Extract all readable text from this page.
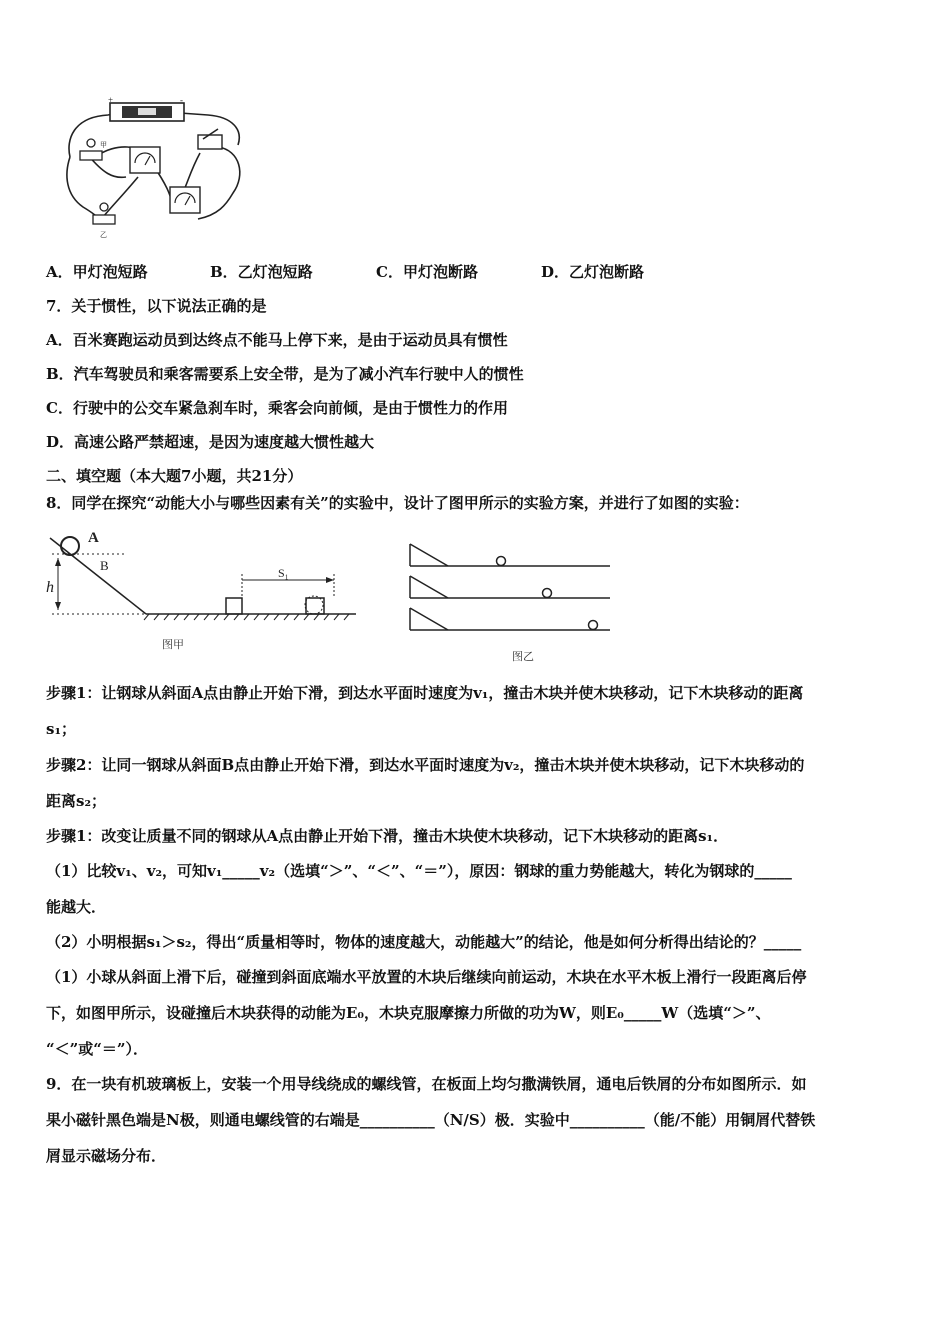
+	-
甲
乙
A．甲灯泡短路	B．乙灯泡短路	C．甲灯泡断路	D．乙灯泡断路
7．关于惯性，以下说法正确的是
A．百米赛跑运动员到达终点不能马上停下来，是由于运动员具有惯性
B．汽车驾驶员和乘客需要系上安全带，是为了减小汽车行驶中人的惯性
C．行驶中的公交车紧急刹车时，乘客会向前倾，是由于惯性力的作用
D．高速公路严禁超速，是因为速度越大惯性越大
二、填空题（本大题7小题，共21分）
8．同学在探究“动能大小与哪些因素有关”的实验中，设计了图甲所示的实验方案，并进行了如图的实验：
A
B
h
S₁
图甲
图乙
步骤1：让钢球从斜面A点由静止开始下滑，到达水平面时速度为v₁，撞击木块并使木块移动，记下木块移动的距离
s₁；
步骤2：让同一钢球从斜面B点由静止开始下滑，到达水平面时速度为v₂，撞击木块并使木块移动，记下木块移动的
距离s₂；
步骤1：改变让质量不同的钢球从A点由静止开始下滑，撞击木块使木块移动，记下木块移动的距离s₁．
（1）比较v₁、v₂，可知v₁_____v₂（选填“＞”、“＜”、“＝”），原因：钢球的重力势能越大，转化为钢球的_____
能越大．
（2）小明根据s₁＞s₂，得出“质量相等时，物体的速度越大，动能越大”的结论，他是如何分析得出结论的？_____
（1）小球从斜面上滑下后，碰撞到斜面底端水平放置的木块后继续向前运动，木块在水平木板上滑行一段距离后停
下，如图甲所示，设碰撞后木块获得的动能为E₀，木块克服摩擦力所做的功为W，则E₀_____W（选填“＞”、
“＜”或“＝”）．
9．在一块有机玻璃板上，安装一个用导线绕成的螺线管，在板面上均匀撒满铁屑，通电后铁屑的分布如图所示．如
果小磁针黑色端是N极，则通电螺线管的右端是__________（N/S）极．实验中__________（能/不能）用铜屑代替铁
屑显示磁场分布．
